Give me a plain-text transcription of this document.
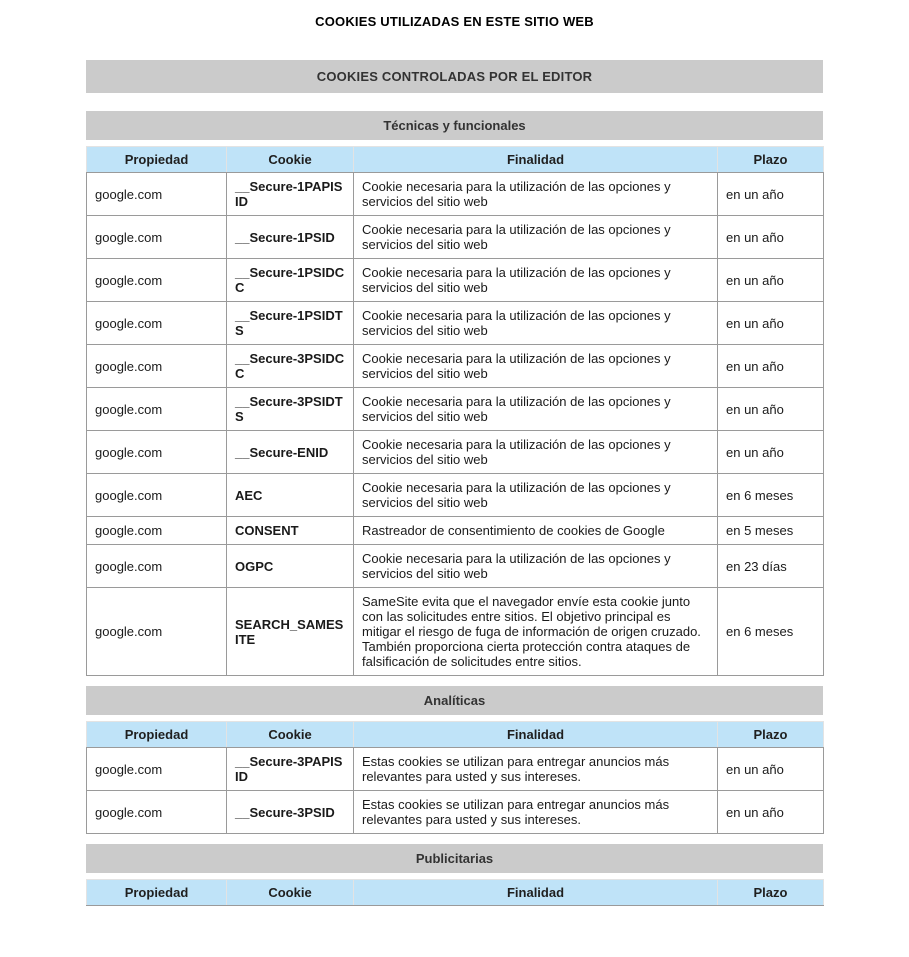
COOKIES UTILIZADAS EN ESTE SITIO WEB
COOKIES CONTROLADAS POR EL EDITOR
Técnicas y funcionales
Propiedad	Cookie	Finalidad	Plazo
google.com	__Secure-1PAPISID	Cookie necesaria para la utilización de las opciones y servicios del sitio web	en un año
google.com	__Secure-1PSID	Cookie necesaria para la utilización de las opciones y servicios del sitio web	en un año
google.com	__Secure-1PSIDCC	Cookie necesaria para la utilización de las opciones y servicios del sitio web	en un año
google.com	__Secure-1PSIDTS	Cookie necesaria para la utilización de las opciones y servicios del sitio web	en un año
google.com	__Secure-3PSIDCC	Cookie necesaria para la utilización de las opciones y servicios del sitio web	en un año
google.com	__Secure-3PSIDTS	Cookie necesaria para la utilización de las opciones y servicios del sitio web	en un año
google.com	__Secure-ENID	Cookie necesaria para la utilización de las opciones y servicios del sitio web	en un año
google.com	AEC	Cookie necesaria para la utilización de las opciones y servicios del sitio web	en 6 meses
google.com	CONSENT	Rastreador de consentimiento de cookies de Google	en 5 meses
google.com	OGPC	Cookie necesaria para la utilización de las opciones y servicios del sitio web	en 23 días
google.com	SEARCH_SAMESITE	SameSite evita que el navegador envíe esta cookie junto con las solicitudes entre sitios. El objetivo principal es mitigar el riesgo de fuga de información de origen cruzado. También proporciona cierta protección contra ataques de falsificación de solicitudes entre sitios.	en 6 meses
Analíticas
Propiedad	Cookie	Finalidad	Plazo
google.com	__Secure-3PAPISID	Estas cookies se utilizan para entregar anuncios más relevantes para usted y sus intereses.	en un año
google.com	__Secure-3PSID	Estas cookies se utilizan para entregar anuncios más relevantes para usted y sus intereses.	en un año
Publicitarias
Propiedad	Cookie	Finalidad	Plazo
